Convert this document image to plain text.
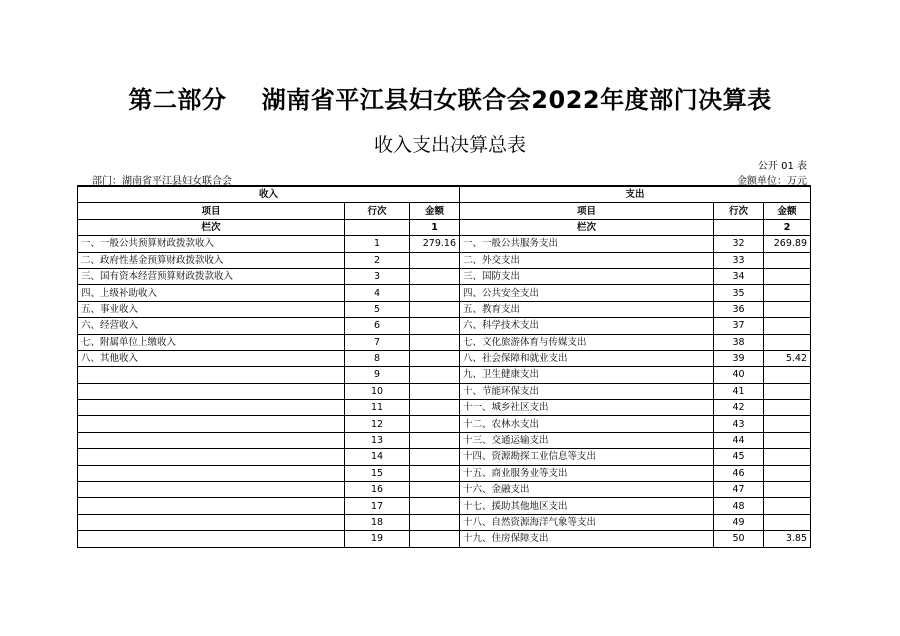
第二部分    湖南省平江县妇女联合会2022年度部门决算表
收入支出决算总表
公开 01 表
部门：湖南省平江县妇女联合会	金额单位：万元
收入			支出		
项目	行次	金额	项目	行次	金额
栏次		1	栏次		2
一、一般公共预算财政拨款收入	1	279.16	一、一般公共服务支出	32	269.89
二、政府性基金预算财政拨款收入	2		二、外交支出	33	
三、国有资本经营预算财政拨款收入	3		三、国防支出	34	
四、上级补助收入	4		四、公共安全支出	35	
五、事业收入	5		五、教育支出	36	
六、经营收入	6		六、科学技术支出	37	
七、附属单位上缴收入	7		七、文化旅游体育与传媒支出	38	
八、其他收入	8		八、社会保障和就业支出	39	5.42
	9		九、卫生健康支出	40	
	10		十、节能环保支出	41	
	11		十一、城乡社区支出	42	
	12		十二、农林水支出	43	
	13		十三、交通运输支出	44	
	14		十四、资源勘探工业信息等支出	45	
	15		十五、商业服务业等支出	46	
	16		十六、金融支出	47	
	17		十七、援助其他地区支出	48	
	18		十八、自然资源海洋气象等支出	49	
	19		十九、住房保障支出	50	3.85
